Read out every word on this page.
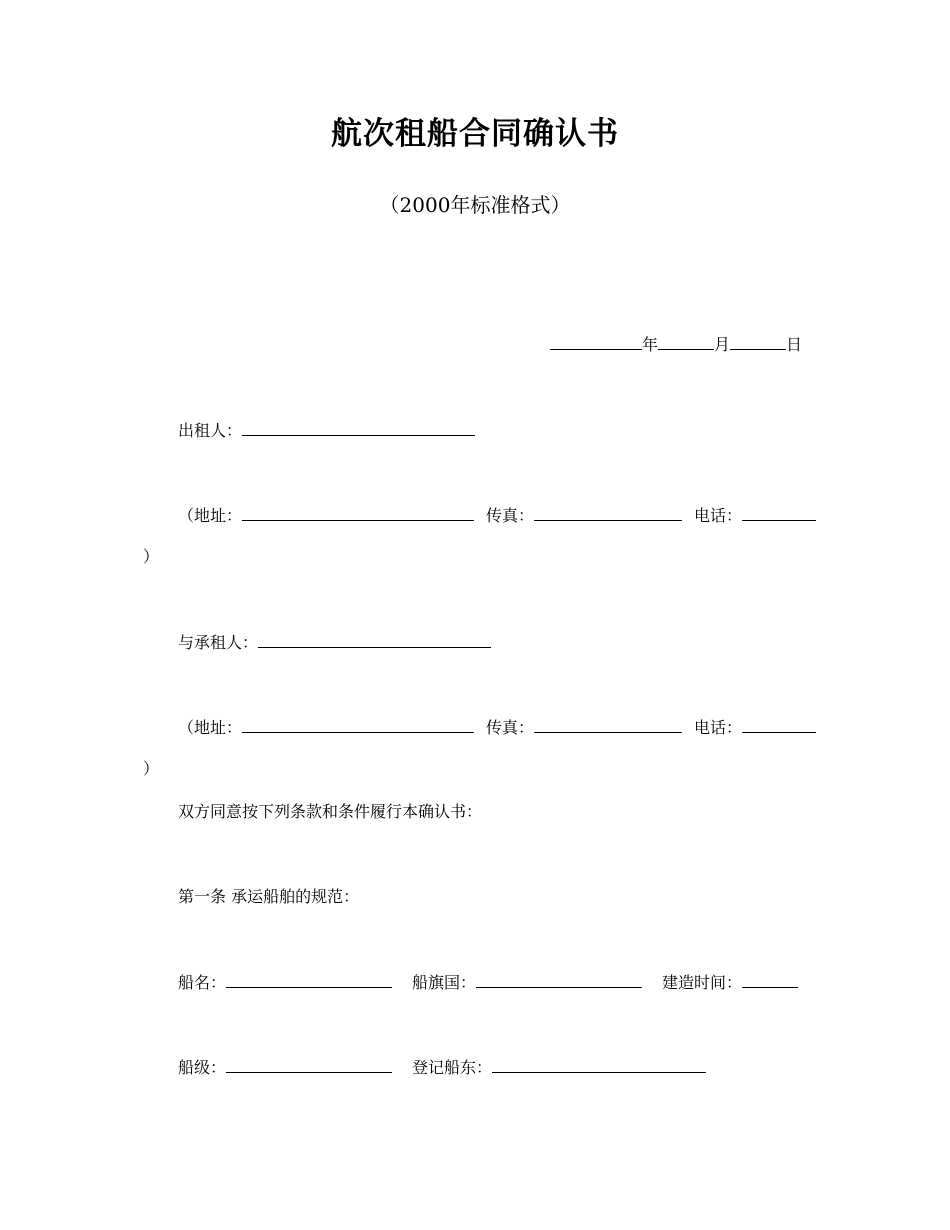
航次租船合同确认书
（2000年标准格式）
年	月	日
出租人：
（地址：	传真：	电话：
）
与承租人：
（地址：	传真：	电话：
）
双方同意按下列条款和条件履行本确认书：
第一条 承运船舶的规范：
船名：	船旗国：	建造时间：
船级：	登记船东：
